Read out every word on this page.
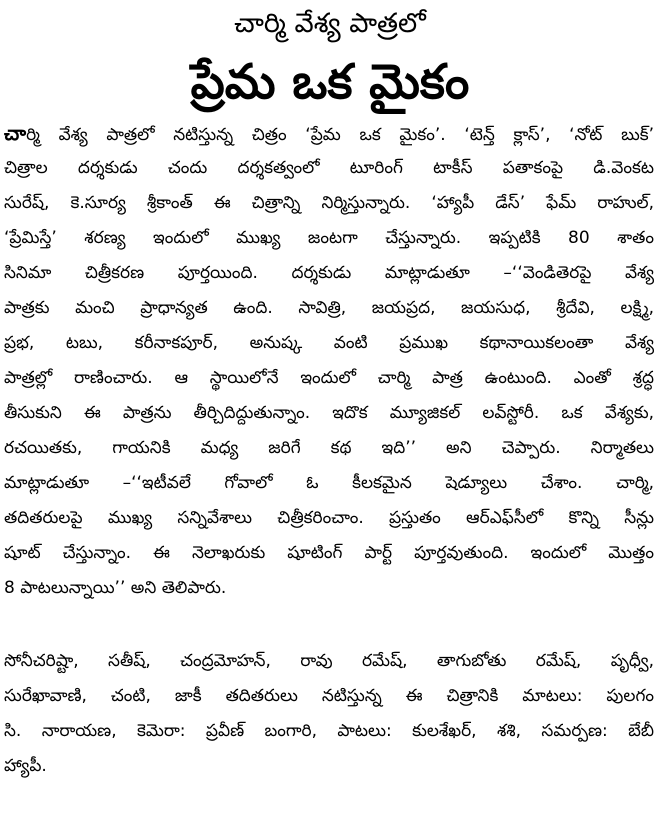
చార్మి వేశ్య పాత్రలో
ప్రేమ ఒక మైకం
చార్మి వేశ్య పాత్రలో నటిస్తున్న చిత్రం ‘ప్రేమ ఒక మైకం’. ‘టెన్త్ క్లాస్’, ‘నోట్ బుక్’
చిత్రాల దర్శకుడు చందు దర్శకత్వంలో టూరింగ్ టాకీస్ పతాకంపై డి.వెంకట
సురేష్, కె.సూర్య శ్రీకాంత్ ఈ చిత్రాన్ని నిర్మిస్తున్నారు. ‘హ్యాపీ డేస్’ ఫేమ్ రాహుల్,
‘ప్రేమిస్తే’ శరణ్య ఇందులో ముఖ్య జంటగా చేస్తున్నారు. ఇప్పటికి 80 శాతం
సినిమా చిత్రీకరణ పూర్తయింది. దర్శకుడు మాట్లాడుతూ –‘‘వెండితెరపై వేశ్య
పాత్రకు మంచి ప్రాధాన్యత ఉంది. సావిత్రి, జయప్రద, జయసుధ, శ్రీదేవి, లక్ష్మి,
ప్రభ, టబు, కరీనాకపూర్, అనుష్క వంటి ప్రముఖ కథానాయికలంతా వేశ్య
పాత్రల్లో రాణించారు. ఆ స్థాయిలోనే ఇందులో చార్మి పాత్ర ఉంటుంది. ఎంతో శ్రద్ధ
తీసుకుని ఈ పాత్రను తీర్చిదిద్దుతున్నాం. ఇదొక మ్యూజికల్ లవ్‌స్టోరీ. ఒక వేశ్యకు,
రచయితకు, గాయనికి మధ్య జరిగే కథ ఇది’’ అని చెప్పారు. నిర్మాతలు
మాట్లాడుతూ –‘‘ఇటీవలే గోవాలో ఓ కీలకమైన షెడ్యూలు చేశాం. చార్మి,
తదితరులపై ముఖ్య సన్నివేశాలు చిత్రీకరించాం. ప్రస్తుతం ఆర్‌ఎఫ్‌సీలో కొన్ని సీన్లు
షూట్ చేస్తున్నాం. ఈ నెలాఖరుకు షూటింగ్ పార్ట్ పూర్తవుతుంది. ఇందులో మొత్తం
8 పాటలున్నాయి’’ అని తెలిపారు.
సోనీచరిష్టా, సతీష్, చంద్రమోహన్, రావు రమేష్, తాగుబోతు రమేష్, పృధ్వీ,
సురేఖావాణి, చంటి, జాకీ తదితరులు నటిస్తున్న ఈ చిత్రానికి మాటలు: పులగం
సి. నారాయణ, కెమెరా: ప్రవీణ్ బంగారి, పాటలు: కులశేఖర్, శశి, సమర్పణ: బేబీ
హ్యాపీ.
